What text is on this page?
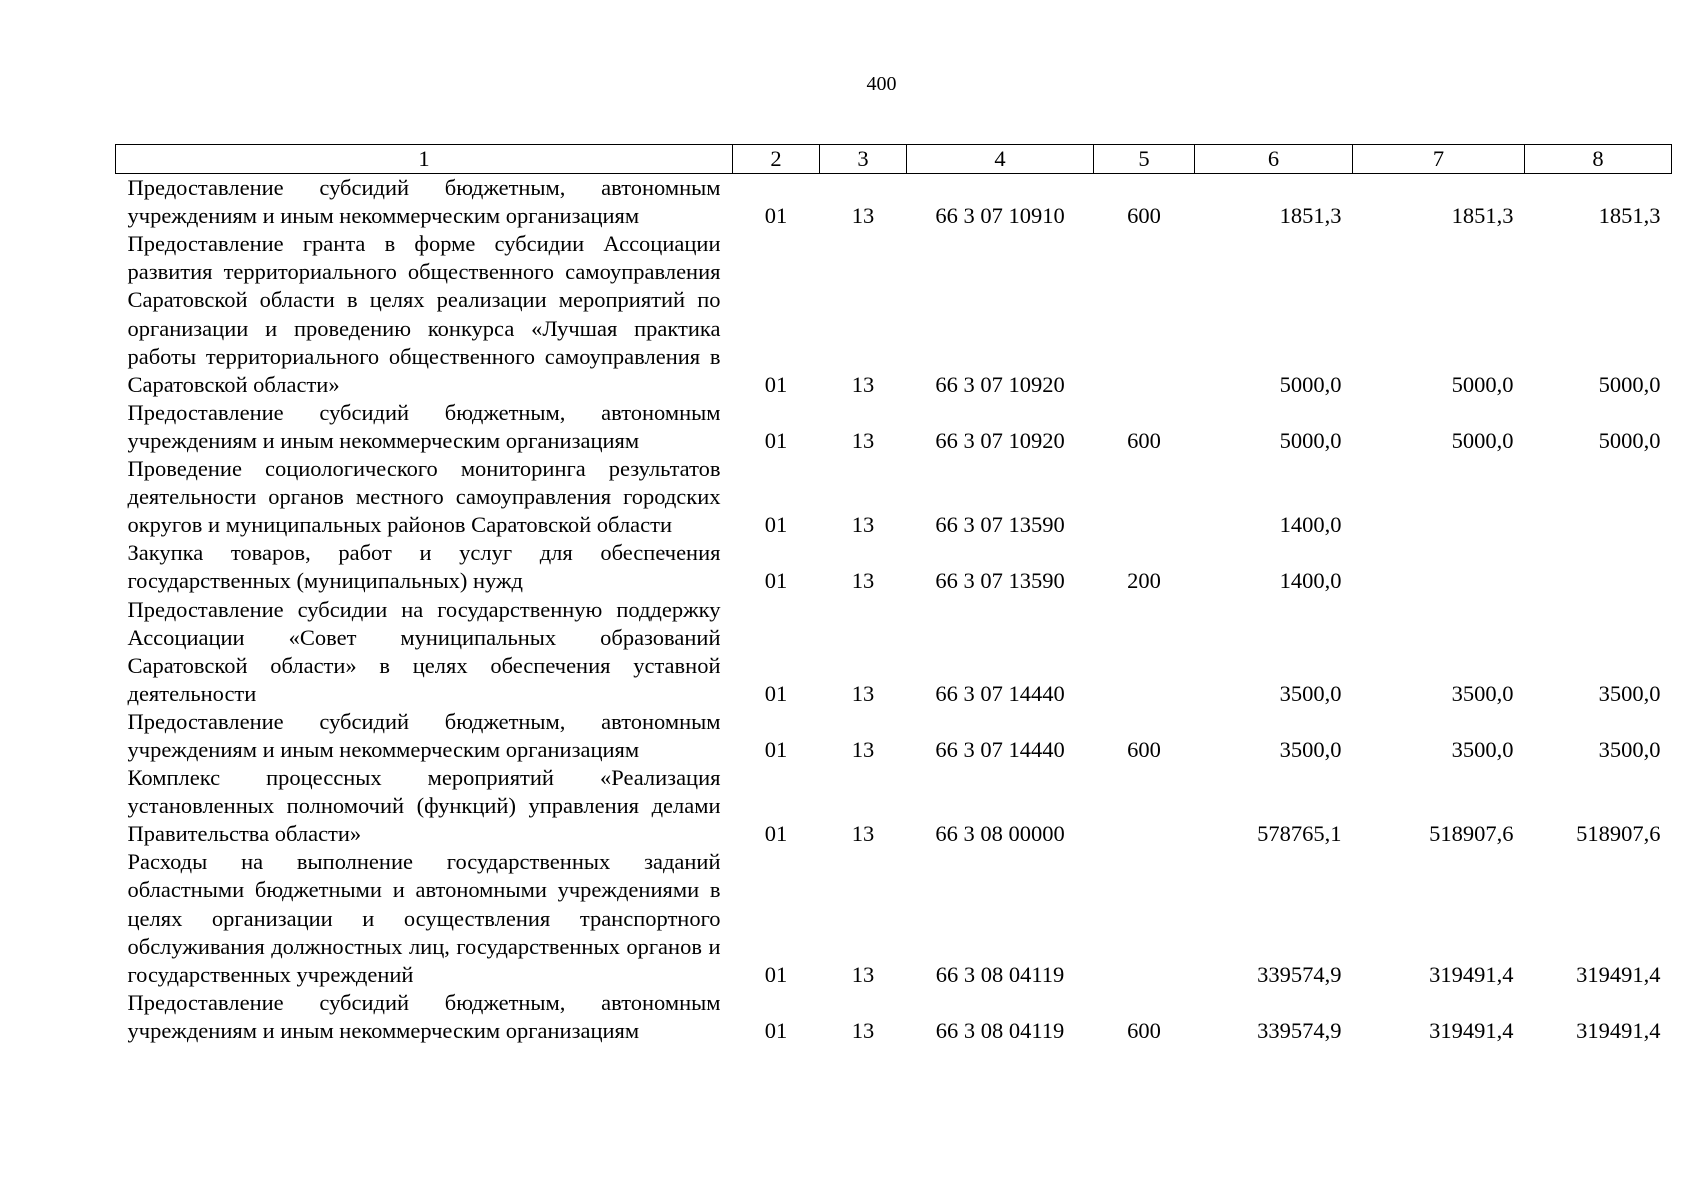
400
1	2	3	4	5	6	7	8
Предоставление субсидий бюджетным, автономным учреждениям и иным некоммерческим организациям	01	13	66 3 07 10910	600	1851,3	1851,3	1851,3
Предоставление гранта в форме субсидии Ассоциации развития территориального общественного самоуправления Саратовской области в целях реализации мероприятий по организации и проведению конкурса «Лучшая практика работы территориального общественного самоуправления в Саратовской области»	01	13	66 3 07 10920		5000,0	5000,0	5000,0
Предоставление субсидий бюджетным, автономным учреждениям и иным некоммерческим организациям	01	13	66 3 07 10920	600	5000,0	5000,0	5000,0
Проведение социологического мониторинга результатов деятельности органов местного самоуправления городских округов и муниципальных районов Саратовской области	01	13	66 3 07 13590		1400,0		
Закупка товаров, работ и услуг для обеспечения государственных (муниципальных) нужд	01	13	66 3 07 13590	200	1400,0		
Предоставление субсидии на государственную поддержку Ассоциации «Совет муниципальных образований Саратовской области» в целях обеспечения уставной деятельности	01	13	66 3 07 14440		3500,0	3500,0	3500,0
Предоставление субсидий бюджетным, автономным учреждениям и иным некоммерческим организациям	01	13	66 3 07 14440	600	3500,0	3500,0	3500,0
Комплекс процессных мероприятий «Реализация установленных полномочий (функций) управления делами Правительства области»	01	13	66 3 08 00000		578765,1	518907,6	518907,6
Расходы на выполнение государственных заданий областными бюджетными и автономными учреждениями в целях организации и осуществления транспортного обслуживания должностных лиц, государственных органов и государственных учреждений	01	13	66 3 08 04119		339574,9	319491,4	319491,4
Предоставление субсидий бюджетным, автономным учреждениям и иным некоммерческим организациям	01	13	66 3 08 04119	600	339574,9	319491,4	319491,4
